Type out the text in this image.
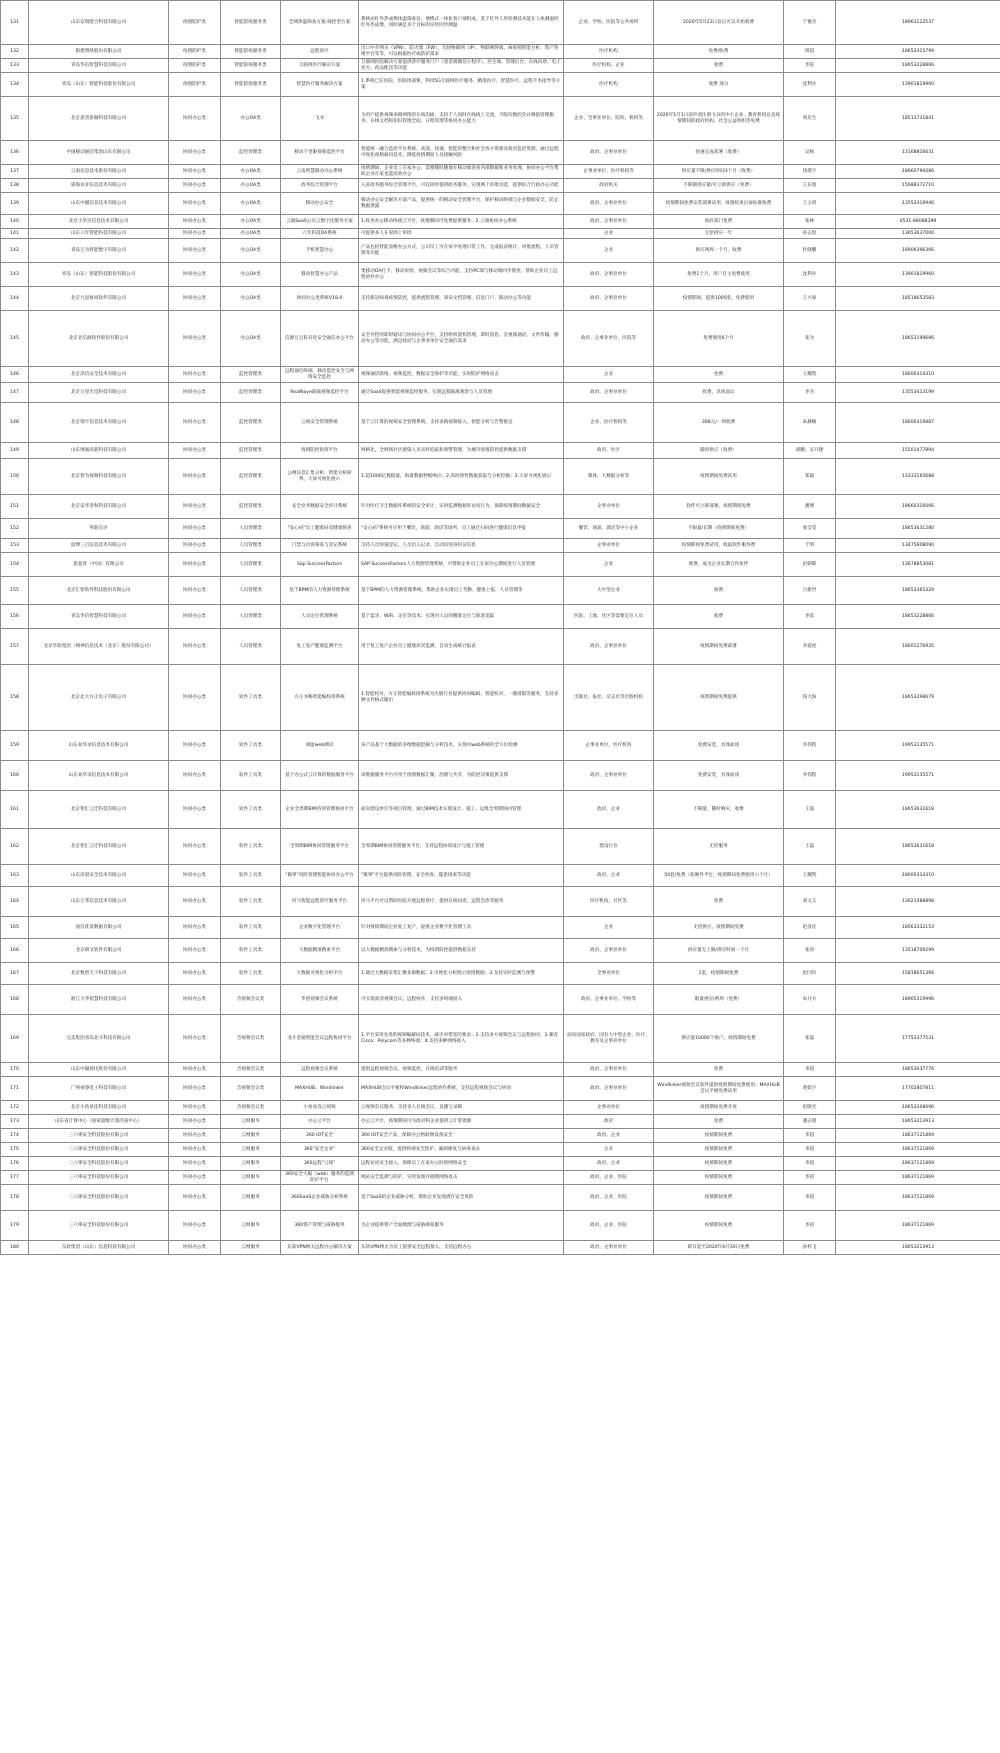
131	山东安瑞建合科技有限公司	疫情防护类	智能防疫服务类	全域体温筛查方案-疫控型方案	系统由红外热成像体温筛查仪、便携式一体化客户端组成，基于红外人形检测技术能在人体测温时红外热成像，同时满足多个目标的实时同步测温	企业、学校、医院等公共场所	2020年5月23日以后可以开始收费	于俊杰	18963122537
132	银建博扬股份有限公司	疫情防护类	智能防疫服务类	远程诊疗	出口中介网关（VPN）、防火墙（FW）、无线物联网（IP）、物联网终端、AI视频智能分析、资产管理平台等等，可以根据医疗或防护需求	医疗机构	免费/收费	周超	18653315799
133	青岛华信智慧科技有限公司	疫情防护类	智能防疫服务类	互联网医疗解决方案	互联网医院解决方案提供诊疗服务门户（患者端微信小程序）、医生端、管理后台、在线问诊、电子处方、药品配送等功能	医疗机构、企业	收费	李雷	18653228866
134	青岛（山东）智能科技股份有限公司	疫情防护类	智能防疫服务类	智慧医疗服务解决方案	1.系统已在医院、医联体部署，利用5G互联网医疗服务、精准医疗、智慧医疗、远程手术指导等方案	医疗机构	收费 部分	沈利兵	13901819960
135	北京思普思顿科技有限公司	协同办公类	办公OA类	飞书	为用户提供视频多路网络的在线沟通、支持千人同时在线线上交流，不限次数的会议峰值管理服务、在线文档和知识管理全面，日程管理等协同办公能力	企业、全事业单位、院校、机构等	2020年5月1日前申请注册飞书的中小企业、教育机构以及疫情期间的政府机构、社会公益组织等免费	周先生	18513731841
136	中国移动通信集团山东有限公司	协同办公类	监控管理类	移动千里眼视频监控平台	智能统一融合监控平台系统。高效、快速、智能的整合和社会各方资源及政府监控资源，通过远程可视化视频通讯技术，降低疫情期间人员接触风险	政府、企事业单位	快速完成部署（收费）	吴杨	13168816631
137	云南信息技术股份有限公司	协同办公类	办公OA类	云南智慧移动办公系统	疫情期间，企业员工在家办公，需要随时随地在移动端查看内部数据和业务处理，协同办公平台帮助企业在家也能高效办公	企事业单位、医疗机构等	供应量不限/供应时间3个月（收费）	钱建宇	18660790086
138	威海农业信息技术有限公司	协同办公类	办公OA类	政务综合管理平台	入驻政务服务综合管理平台，可以同时提供政务服务，实现网上审批功能，提供综合行政办公功能	政府机关	不限制供应量/可立即供应（免费）	王东旭	15688372710
139	山东中磁信息技术有限公司	协同办公类	办公OA类	移动办公安全	移动办公安全解决方案产品，提供统一的移动安全管理平台，保护移动终端与企业数据安全，防止数据泄露	政府、企事业单位	疫情期间免费安装部署试用，疫情结束后按标准收费	王玉琦	13553319946
140	北京小华宫信息技术有限公司	协同办公类	办公OA类	云端SaaS公有云数字化服务方案	1.政务办公移动终端云平台，疫情期间可免费提供服务；2.云端协同办公系统	政府、企事业单位	政府部门免费	张林	0531-88088399
141	山东六年智能科技有限公司	协同办公类	办公OA类	六年科技OA系统	可提供多人在家网上审批	企业	无偿供应一年	孙志煌	13653637000
142	青岛万为智能数字有限公司	协同办公类	办公OA类	手机智慧办公	产品包括智能表格办公方式，公司员工可在家中处理日常工作，完成报表统计、审批流程、人员管理等功能	企业	供应两周一个月，收费	杜晓鹏	18906396366
143	青岛（山东）智能科技股份有限公司	协同办公类	办公OA类	移动智慧办公产品	集移动OA打卡、移动审批、视频会议等综合功能，支持PC端与移动端同步使用，帮助企业员工远程协作办公	政府、企事业单位	免费1个月，用户自主免费使用	沈利兵	13901819960
144	北京九思协同软件有限公司	协同办公类	办公OA类	协同办公类系统V18.0	支持新冠病毒疫情防控，提供流程管理、知识文档管理、信息门户、移动办公等功能	政府、企事业单位	疫情期间，提供1000套，免费使用	王兴豪	18518653583
145	北京北信源软件股份有限公司	协同办公类	办公OA类	信源豆豆私有化安全通信办公平台	安全可控的即时通讯与协同办公平台，支持组织架构管理、即时消息、音视频通话、文件传输、移动办公等功能，满足政府与企事业单位安全通信需求	政府、企事业单位、医院等	免费使用6个月	张为	18653199686
146	北京泽信安全技术有限公司	协同办公类	监控管理类	远程通信终端、移动监控安全与网络安全监控	视频通话联络、视频监控、数据安全保护等功能，实时防护网络攻击	企业	免费	王耀凯	18600314310
147	北京万里光电科技有限公司	协同办公类	监控管理类	RealNoye隔离视频监控平台	通过SaaS提供智能视频监控服务，实现远程隔离观察与人员管理	政府、企事业单位	收费，具体面议	李杰	13553413199
148	北京瑞宇信息技术有限公司	协同办公类	监控管理类	云视安全管理系统	基于云计算的视频安全管理系统，支持多路视频接入、智能分析与告警推送	企业、医疗机构等	398元/一周收费	朱赫楠	18600319887
149	山东博通高新科技有限公司	协同办公类	监控管理类	疫情防控指挥平台	网格化、全网域社区感染人员实时追踪和预警管理，为城市疫情防控提供数据支撑	政府、社区	随时供应（收费）	胡鹏、吴开捷	15501477894
150	北京智为视频科技有限公司	协同办公类	监控管理类	公网信息汇集分析、智能分析研判、大屏可视化展示	1.超1000亿数据量，海量数据秒级响应；2.高时效性数据获取与分析挖掘；3.大屏可视化展示	媒体、大数据分析等	疫情期间免费试用	郑毅	13333165688
151	北京安华金和科技有限公司	协同办公类	监控管理类	安全业务数据安全审计系统	针对医疗卫生数据库系统的安全审计，实时监测数据库访问行为，保障疫情期间数据安全	企事业单位	软件可立即部署，疫情期间免费	潘博	18660316066
152	英联点评	协同办公类	人员管理类	"安心码"员工健康码及健康筛查	"安心码"系统可应用于餐饮、商超、酒店等场所，员工通过扫码进行健康信息申报	餐饮、商超、酒店等中小企业	不限量/长期（疫情期间免费）	张莹莹	18653631280
153	淄博三百信息技术有限公司	协同办公类	人员管理类	门禁与访客筛查与登记系统	支持人员快速登记、人员出入记录，自动识别身份证信息	企事业单位	疫情期间免费试用，收取软件服务费	于明	13475608090
154	思爱普（中国）有限公司	协同办公类	人员管理类	Sap SuccessFactors	SAP SuccessFactors人力资源管理系统，可帮助企业员工在家办公期间进行人员管理	企业	收费，成为企业长期合作伙伴	赵朝晖	13678853081
155	北京汇智软件科技股份有限公司	协同办公类	人员管理类	基于BPM的人力资源管理系统	基于BPM的人力资源管理系统，帮助企业实现员工考勤、健康上报、人员管理等	大中型企业	收费	吕新世	18653365329
156	青岛华信智慧科技有限公司	协同办公类	人员管理类	人员定位管理系统	基于蓝牙、WiFi、定位等技术，实现对人员的精准定位与轨迹追踪	医院、工地、社区等需要定位人员	收费	李雷	18653228866
157	北京华软集团（网神信息技术（北京）股份有限公司）	协同办公类	人员管理类	复工复产健康监测平台	用于复工复产企业员工健康状况监测，自动生成统计报表	政府、企事业单位	疫情期间免费部署	李震虎	18601276935
158	北京北大方正电子有限公司	协同办公类	软件工具类	方正书畅智能编校排系统	1.智能校对、方正智能编校排系统为出版行业提供协同编辑、智能校对、一键排版等服务，支持多种文件格式输出	出版社、报社、杂志社等出版机构	疫情期间免费提供	钱大海	18653298679
159	山东易华录信息技术有限公司	协同办公类	软件工具类	翊盈web测试	该产品基于大数据的多维数据挖掘与分析技术，实现对web系统的全方位检测	企事业单位、医疗机构	免费安装，具体面谈	李伟程	19953135571
160	山东易华录信息技术有限公司	协同办公类	软件工具类	基于办公式云计算的数据服务平台	该数据服务平台可用于疫情数据汇聚、治理与共享，为防控决策提供支撑	政府、企事业单位	免费安装，具体面谈	李伟程	19953135571
161	北京智汇云迁科技有限公司	协同办公类	软件工具类	企业全周期BIM咨询管理协同平台	面向建设单位等项目管理，通过BIM技术实现设计、施工、运维全周期协同管理	政府、企业	不限量，随时响应，收费	王磊	18653631618
162	北京智汇云迁科技有限公司	协同办公类	软件工具类	全周期BIM协同管理服务平台	全周期BIM协同管理服务平台，支持远程协同设计与施工管理	建设行业	无偿服务	王磊	18653631618
163	山东泽晨安全技术有限公司	协同办公类	软件工具类	"微零"风险管理智能协同办公平台	"微零"平台提供风险管理、安全检查、隐患排查等功能	政府、企业	50套/免费（软硬件平台，疫情期间免费使用六个月）	王耀凯	18600314310
164	山东万邦信息技术有限公司	协同办公类	软件工具类	河马智能远程诊疗服务平台	河马平台可以帮助医院开展远程诊疗，提供在线问诊、远程会诊等服务	医疗机构、社区等	免费	刘文义	13021488898
165	国信优易数据有限公司	协同办公类	软件工具类	企业数字化管理平台	针对疫情期间企业复工复产，提供企业数字化管理工具	企业	无偿供应，疫情期间免费	赵彦民	18563332153
166	北京朗文软件有限公司	协同办公类	软件工具类	大数据精准搜索平台	以大数据精准搜索与分析技术，为疫情防控提供数据支持	政府、企事业单位	供应量无上限/供应时间一个月	张涛	13518709299
167	北京数智天下科技有限公司	协同办公类	软件工具类	大数据可视化分析平台	1.通过大数据采集汇聚多源数据；2.可视化分析展示疫情数据；3.支持实时监测与预警	全事业单位	1套，疫情期间免费	赵闫玲	15818651366
168	浙江大华智慧科技有限公司	协同办公类	音视频会议类	华创视频会议系统	可实现高清视频会议、远程协作，支持多终端接入	政府、企事业单位、学校等	限量供应/两周（免费）	朱开兵	18905319996
169	完美集团青岛北斗科技有限公司	协同办公类	音视频会议类	北斗金通智能会议远程协同平台	1.平台采用先进的视频编解码技术，减少对带宽的要求；2.支持多方视频会议与远程协同；3.兼容Cisco、Polycom等多种终端；4.支持多种网络接入	面向国家政府、国有大中型企业、医疗、教育及企事业单位	供应量10000个账户，疫情期间免费	张磊	17753377531
170	山东中磁视讯股份有限公司	协同办公类	音视频会议类	远程视频会议系统	提供远程视频会议、视频监控、在线培训等服务	政府、企事业单位	免费	李超	18653037776
171	广州视睿电子科技有限公司	协同办公类	音视频会议类	MAXHUB、Windlinker	MAXHUB会议平板和Windlinker远程协作系统，支持远程视频会议与协同	政府、企事业单位	Windlinker视频会议软件提供疫情期间免费使用；MAXHUB会议平板免费试用	黄姣宇	17702807811
172	北京小鱼易连科技有限公司	协同办公类	音视频会议类	小鱼易连云视频	云视频会议服务，支持多人在线会议、直播与录制	企事业单位	疫情期间免费开放	赵晓光	18653208696
173	山东省计算中心（国家超级计算济南中心）	协同办公类	云网服务	办公云平台	办公云平台，疫情期间可为政府和企业提供云计算资源	政府	免费	潘志朋	18653213913
174	三六零安全科技股份有限公司	协同办公类	云网服务	360 IOT安全	360 IOT安全产品，保障办公物联网设备安全	政府、企业	疫情期间免费	李超	18637121869
175	三六零安全科技股份有限公司	协同办公类	云网服务	360"安全企业"	360安全企业版，提供终端安全防护、漏洞修复与病毒查杀	企业	疫情期间免费	李超	18637121869
176	三六零安全科技股份有限公司	协同办公类	云网服务	360远程"云探"	远程访问安全接入，保障员工在家办公时的网络安全	政府、企业	疫情期间免费	李超	18637121869
177	三六零安全科技股份有限公司	协同办公类	云网服务	360安全大脑（web）服务的监测防护平台	网站安全监测与防护，实时发现并阻断网络攻击	政府、企业、医院	疫情期间免费	李超	18637121869
178	三六零安全科技股份有限公司	协同办公类	云网服务	360SaaS企业威胁分析系统	基于SaaS的企业威胁分析，帮助企业发现潜在安全风险	政府、企业、医院	疫情期间免费	李超	18637121869
179	三六零安全科技股份有限公司	协同办公类	云网服务	360资产管理与威胁服务	为企业提供资产全面梳理与威胁感知服务	政府、企业、医院	疫情期间免费	李超	18637121869
180	东软集团（山东）信息科技有限公司	协同办公类	云网服务	东软VPN网关远程办公解决方案	东软VPN网关为员工提供安全远程接入，支持远程办公	政府、企事业单位	即日起至2020年6月30日免费	孙梓飞	18653213913
